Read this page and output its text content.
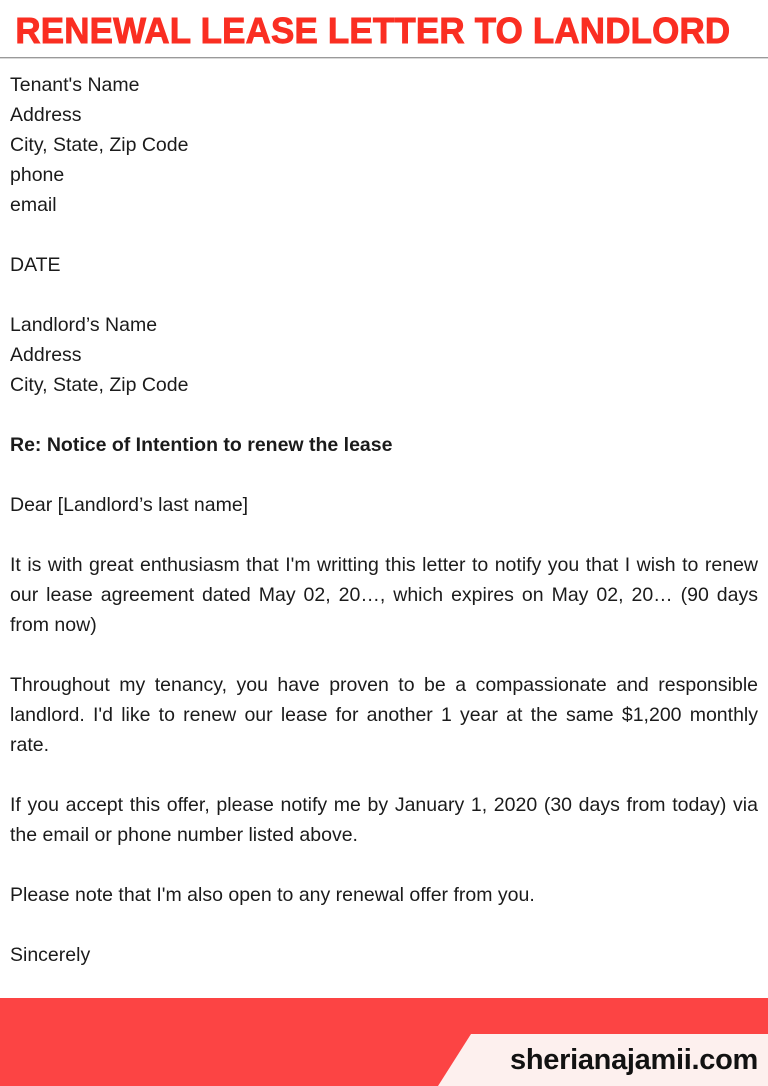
RENEWAL LEASE LETTER TO LANDLORD
Tenant's Name
Address
City, State, Zip Code
phone
email
DATE
Landlord’s Name
Address
City, State, Zip Code
Re: Notice of Intention to renew the lease
Dear [Landlord’s last name]

It is with great enthusiasm that I'm writting this letter to notify you that I wish to renew our lease agreement dated May 02, 20…, which expires on May 02, 20… (90 days from now)

Throughout my tenancy, you have proven to be a compassionate and responsible landlord. I'd like to renew our lease for another 1 year at the same $1,200 monthly rate.

If you accept this offer, please notify me by January 1, 2020 (30 days from today) via the email or phone number listed above.

Please note that I'm also open to any renewal offer from you.

Sincerely
sherianajamii.com
